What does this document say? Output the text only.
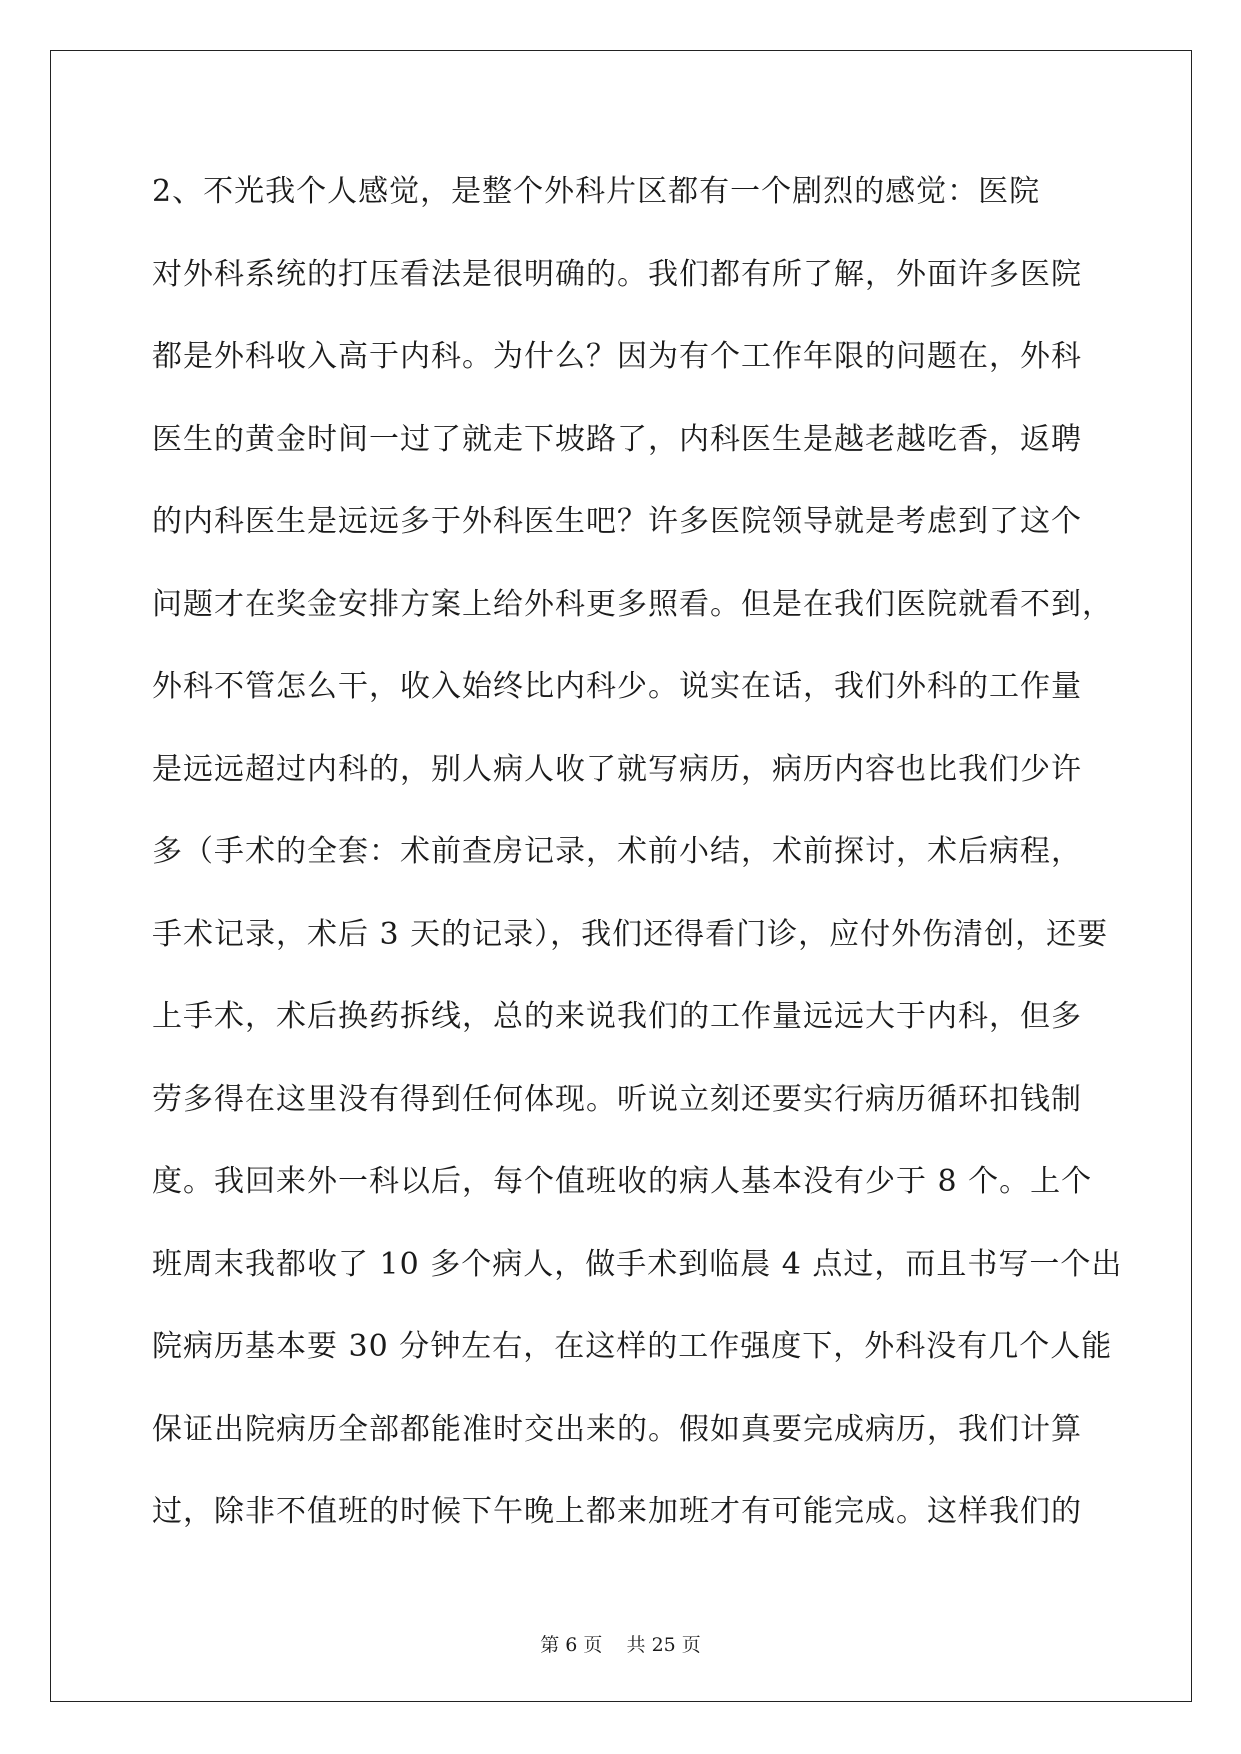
2、不光我个人感觉，是整个外科片区都有一个剧烈的感觉：医院
对外科系统的打压看法是很明确的。我们都有所了解，外面许多医院
都是外科收入高于内科。为什么？因为有个工作年限的问题在，外科
医生的黄金时间一过了就走下坡路了，内科医生是越老越吃香，返聘
的内科医生是远远多于外科医生吧？许多医院领导就是考虑到了这个
问题才在奖金安排方案上给外科更多照看。但是在我们医院就看不到，
外科不管怎么干，收入始终比内科少。说实在话，我们外科的工作量
是远远超过内科的，别人病人收了就写病历，病历内容也比我们少许
多（手术的全套：术前查房记录，术前小结，术前探讨，术后病程，
手术记录，术后 3 天的记录），我们还得看门诊，应付外伤清创，还要
上手术，术后换药拆线，总的来说我们的工作量远远大于内科，但多
劳多得在这里没有得到任何体现。听说立刻还要实行病历循环扣钱制
度。我回来外一科以后，每个值班收的病人基本没有少于 8 个。上个
班周末我都收了 10 多个病人，做手术到临晨 4 点过，而且书写一个出
院病历基本要 30 分钟左右，在这样的工作强度下，外科没有几个人能
保证出院病历全部都能准时交出来的。假如真要完成病历，我们计算
过，除非不值班的时候下午晚上都来加班才有可能完成。这样我们的
第 6 页 共 25 页
